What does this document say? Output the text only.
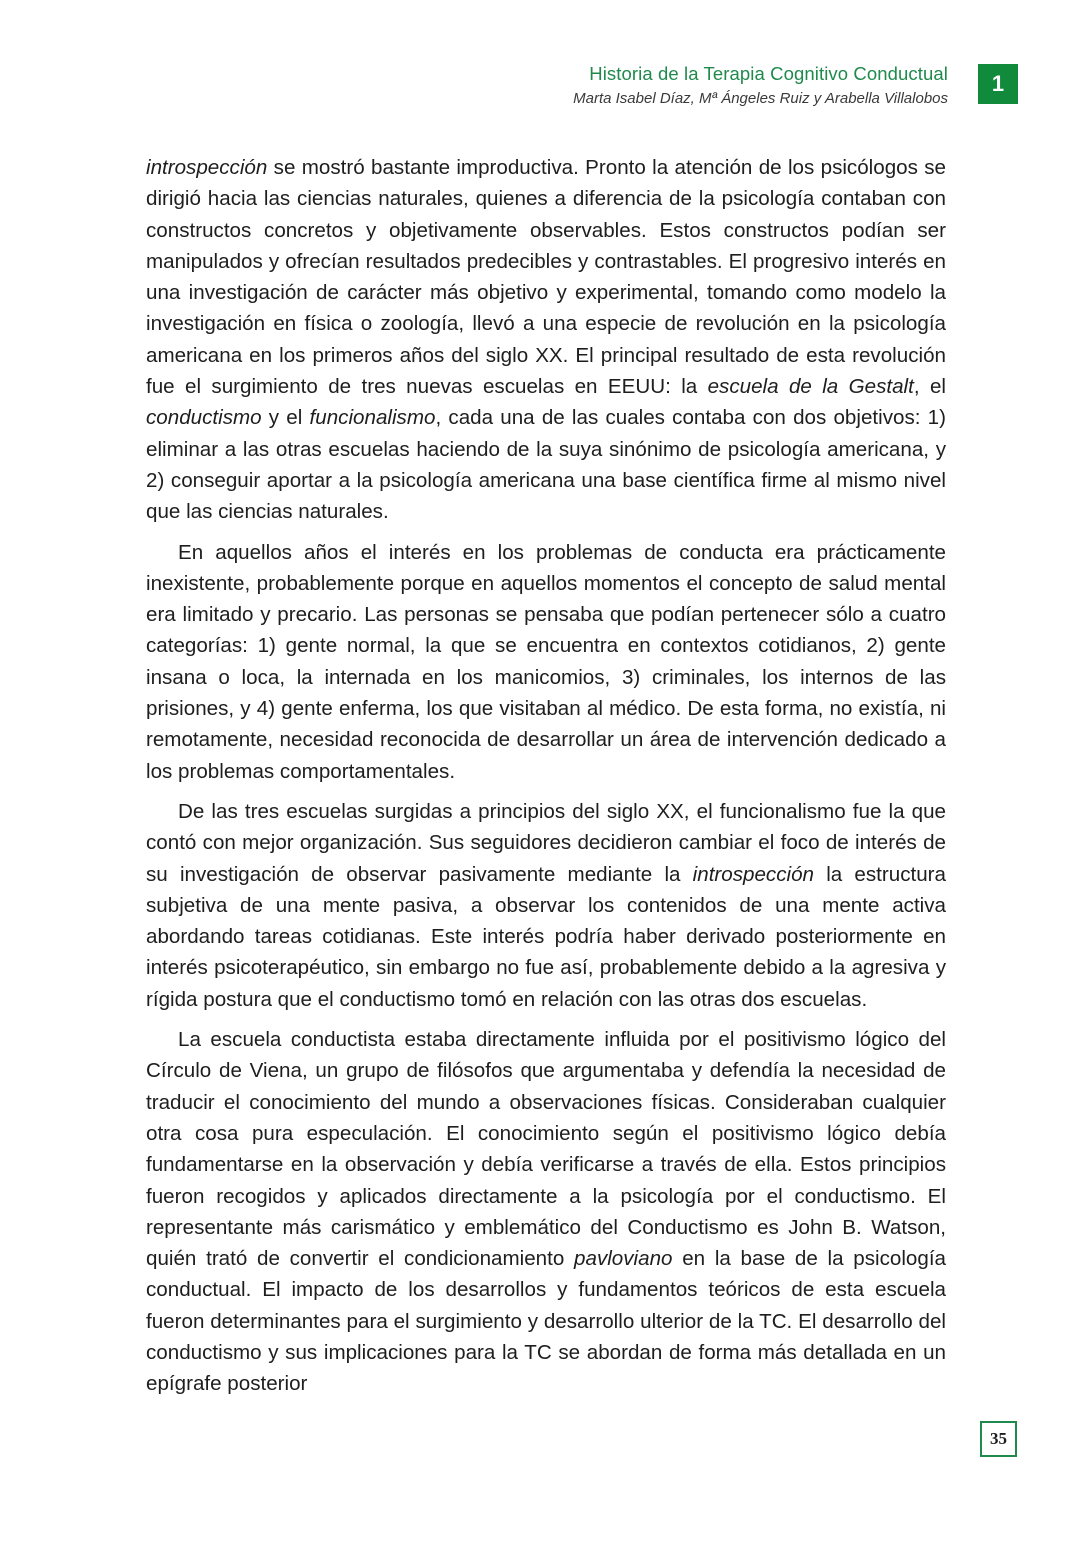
Historia de la Terapia Cognitivo Conductual
Marta Isabel Díaz, Mª Ángeles Ruiz y Arabella Villalobos
1

introspección se mostró bastante improductiva. Pronto la atención de los psicólogos se dirigió hacia las ciencias naturales, quienes a diferencia de la psicología contaban con constructos concretos y objetivamente observables. Estos constructos podían ser manipulados y ofrecían resultados predecibles y contrastables. El progresivo interés en una investigación de carácter más objetivo y experimental, tomando como modelo la investigación en física o zoología, llevó a una especie de revolución en la psicología americana en los primeros años del siglo XX. El principal resultado de esta revolución fue el surgimiento de tres nuevas escuelas en EEUU: la escuela de la Gestalt, el conductismo y el funcionalismo, cada una de las cuales contaba con dos objetivos: 1) eliminar a las otras escuelas haciendo de la suya sinónimo de psicología americana, y 2) conseguir aportar a la psicología americana una base científica firme al mismo nivel que las ciencias naturales.

En aquellos años el interés en los problemas de conducta era prácticamente inexistente, probablemente porque en aquellos momentos el concepto de salud mental era limitado y precario. Las personas se pensaba que podían pertenecer sólo a cuatro categorías: 1) gente normal, la que se encuentra en contextos cotidianos, 2) gente insana o loca, la internada en los manicomios, 3) criminales, los internos de las prisiones, y 4) gente enferma, los que visitaban al médico. De esta forma, no existía, ni remotamente, necesidad reconocida de desarrollar un área de intervención dedicado a los problemas comportamentales.

De las tres escuelas surgidas a principios del siglo XX, el funcionalismo fue la que contó con mejor organización. Sus seguidores decidieron cambiar el foco de interés de su investigación de observar pasivamente mediante la introspección la estructura subjetiva de una mente pasiva, a observar los contenidos de una mente activa abordando tareas cotidianas. Este interés podría haber derivado posteriormente en interés psicoterapéutico, sin embargo no fue así, probablemente debido a la agresiva y rígida postura que el conductismo tomó en relación con las otras dos escuelas.

La escuela conductista estaba directamente influida por el positivismo lógico del Círculo de Viena, un grupo de filósofos que argumentaba y defendía la necesidad de traducir el conocimiento del mundo a observaciones físicas. Consideraban cualquier otra cosa pura especulación. El conocimiento según el positivismo lógico debía fundamentarse en la observación y debía verificarse a través de ella. Estos principios fueron recogidos y aplicados directamente a la psicología por el conductismo. El representante más carismático y emblemático del Conductismo es John B. Watson, quién trató de convertir el condicionamiento pavloviano en la base de la psicología conductual. El impacto de los desarrollos y fundamentos teóricos de esta escuela fueron determinantes para el surgimiento y desarrollo ulterior de la TC. El desarrollo del conductismo y sus implicaciones para la TC se abordan de forma más detallada en un epígrafe posterior

35
